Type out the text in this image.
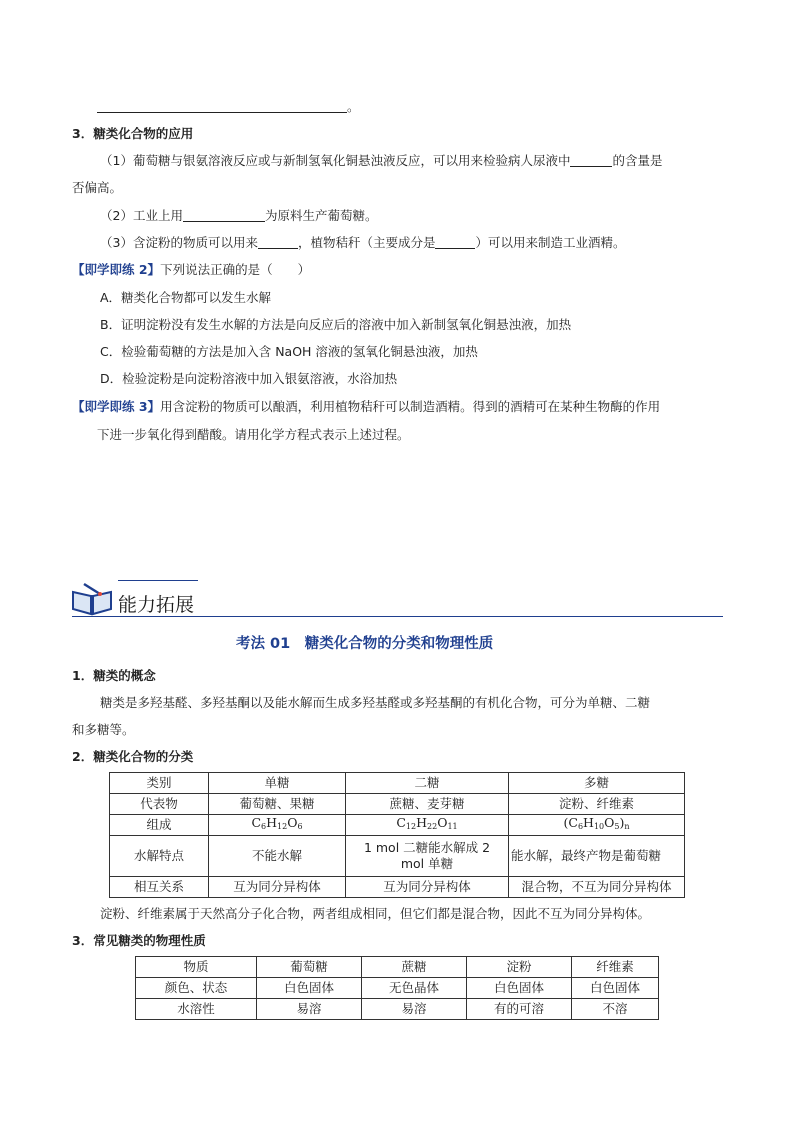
。
3．糖类化合物的应用
（1）葡萄糖与银氨溶液反应或与新制氢氧化铜悬浊液反应，可以用来检验病人尿液中	的含量是
否偏高。
（2）工业上用	为原料生产葡萄糖。
（3）含淀粉的物质可以用来	，植物秸秆（主要成分是	）可以用来制造工业酒精。
【即学即练 2】下列说法正确的是（　　）
A．糖类化合物都可以发生水解
B．证明淀粉没有发生水解的方法是向反应后的溶液中加入新制氢氧化铜悬浊液，加热
C．检验葡萄糖的方法是加入含 NaOH 溶液的氢氧化铜悬浊液，加热
D．检验淀粉是向淀粉溶液中加入银氨溶液，水浴加热
【即学即练 3】用含淀粉的物质可以酿酒，利用植物秸秆可以制造酒精。得到的酒精可在某种生物酶的作用
下进一步氧化得到醋酸。请用化学方程式表示上述过程。
能力拓展
考法 01　糖类化合物的分类和物理性质
1．糖类的概念
糖类是多羟基醛、多羟基酮以及能水解而生成多羟基醛或多羟基酮的有机化合物，可分为单糖、二糖
和多糖等。
2．糖类化合物的分类
类别	单糖	二糖	多糖
代表物	葡萄糖、果糖	蔗糖、麦芽糖	淀粉、纤维素
组成	$C_6H_{12}O_6$	$C_{12}H_{22}O_{11}$	$(C_6H_{10}O_5)_n$
水解特点	不能水解	1 mol 二糖能水解成 2
mol 单糖	能水解，最终产物是葡萄糖
相互关系	互为同分异构体	互为同分异构体	混合物，不互为同分异构体
淀粉、纤维素属于天然高分子化合物，两者组成相同，但它们都是混合物，因此不互为同分异构体。
3．常见糖类的物理性质
物质	葡萄糖	蔗糖	淀粉	纤维素
颜色、状态	白色固体	无色晶体	白色固体	白色固体
水溶性	易溶	易溶	有的可溶	不溶
